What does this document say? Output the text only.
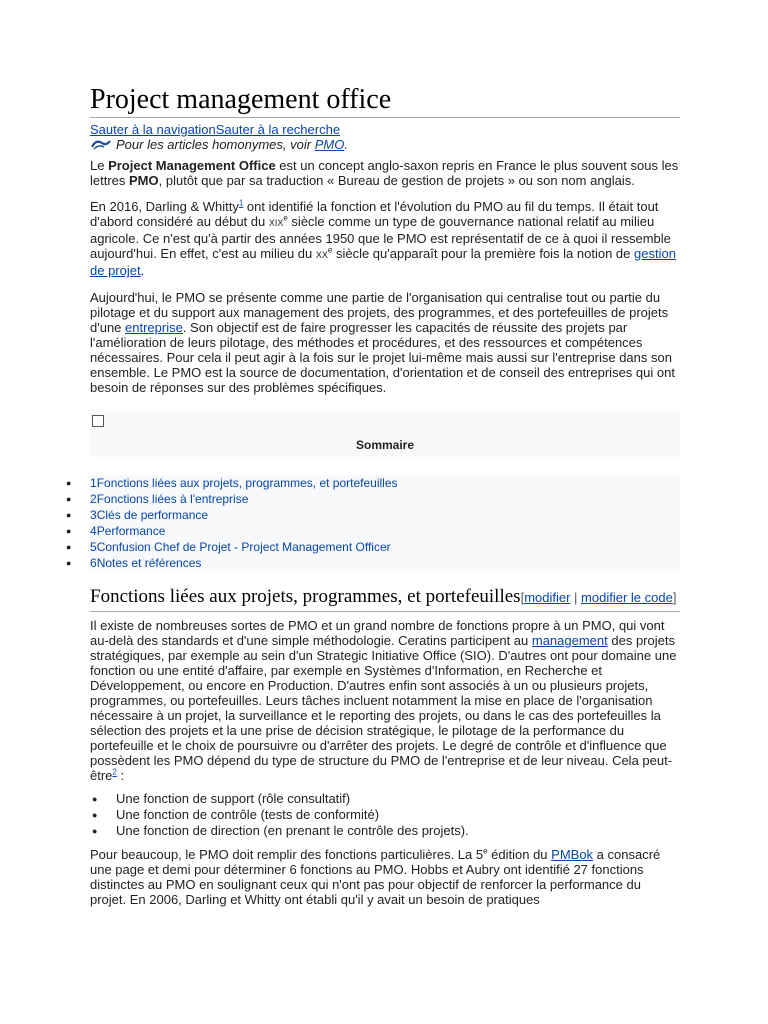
Project management office
Sauter à la navigationSauter à la recherche
Pour les articles homonymes, voir
PMO .

Le Project Management Office est un concept anglo-saxon repris en France le plus souvent sous les lettres PMO, plutôt que par sa traduction « Bureau de gestion de projets » ou son nom anglais.

En 2016, Darling & Whitty$^1$ ont identifié la fonction et l'évolution du PMO au fil du temps. Il était tout d'abord considéré au début du XIXe siècle comme un type de gouvernance national relatif au milieu agricole. Ce n'est qu'à partir des années 1950 que le PMO est représentatif de ce à quoi il ressemble aujourd'hui. En effet, c'est au milieu du XXe siècle qu'apparaît pour la première fois la notion de gestion de projet.

Aujourd'hui, le PMO se présente comme une partie de l'organisation qui centralise tout ou partie du pilotage et du support aux management des projets, des programmes, et des portefeuilles de projets d'une entreprise. Son objectif est de faire progresser les capacités de réussite des projets par l'amélioration de leurs pilotage, des méthodes et procédures, et des ressources et compétences nécessaires. Pour cela il peut agir à la fois sur le projet lui-même mais aussi sur l'entreprise dans son ensemble. Le PMO est la source de documentation, d'orientation et de conseil des entreprises qui ont besoin de réponses sur des problèmes spécifiques.

Sommaire
● 1Fonctions liées aux projets, programmes, et portefeuilles
● 2Fonctions liées à l'entreprise
● 3Clés de performance
● 4Performance
● 5Confusion Chef de Projet - Project Management Officer
● 6Notes et références
Fonctions liées aux projets, programmes, et portefeuilles[modifier | modifier le code]

Il existe de nombreuses sortes de PMO et un grand nombre de fonctions propre à un PMO, qui vont au-delà des standards et d'une simple méthodologie. Ceratins participent au management des projets stratégiques, par exemple au sein d'un Strategic Initiative Office (SIO). D'autres ont pour domaine une fonction ou une entité d'affaire, par exemple en Systèmes d'Information, en Recherche et Développement, ou encore en Production. D'autres enfin sont associés à un ou plusieurs projets, programmes, ou portefeuilles. Leurs tâches incluent notamment la mise en place de l'organisation nécessaire à un projet, la surveillance et le reporting des projets, ou dans le cas des portefeuilles la sélection des projets et la une prise de décision stratégique, le pilotage de la performance du portefeuille et le choix de poursuivre ou d'arrêter des projets. Le degré de contrôle et d'influence que possèdent les PMO dépend du type de structure du PMO de l'entreprise et de leur niveau. Cela peut-être$^2$ :

● Une fonction de support (rôle consultatif)
● Une fonction de contrôle (tests de conformité)
● Une fonction de direction (en prenant le contrôle des projets).

Pour beaucoup, le PMO doit remplir des fonctions particulières. La 5e édition du PMBok a consacré une page et demi pour déterminer 6 fonctions au PMO. Hobbs et Aubry ont identifié 27 fonctions distinctes au PMO en soulignant ceux qui n'ont pas pour objectif de renforcer la performance du projet. En 2006, Darling et Whitty ont établi qu'il y avait un besoin de pratiques
